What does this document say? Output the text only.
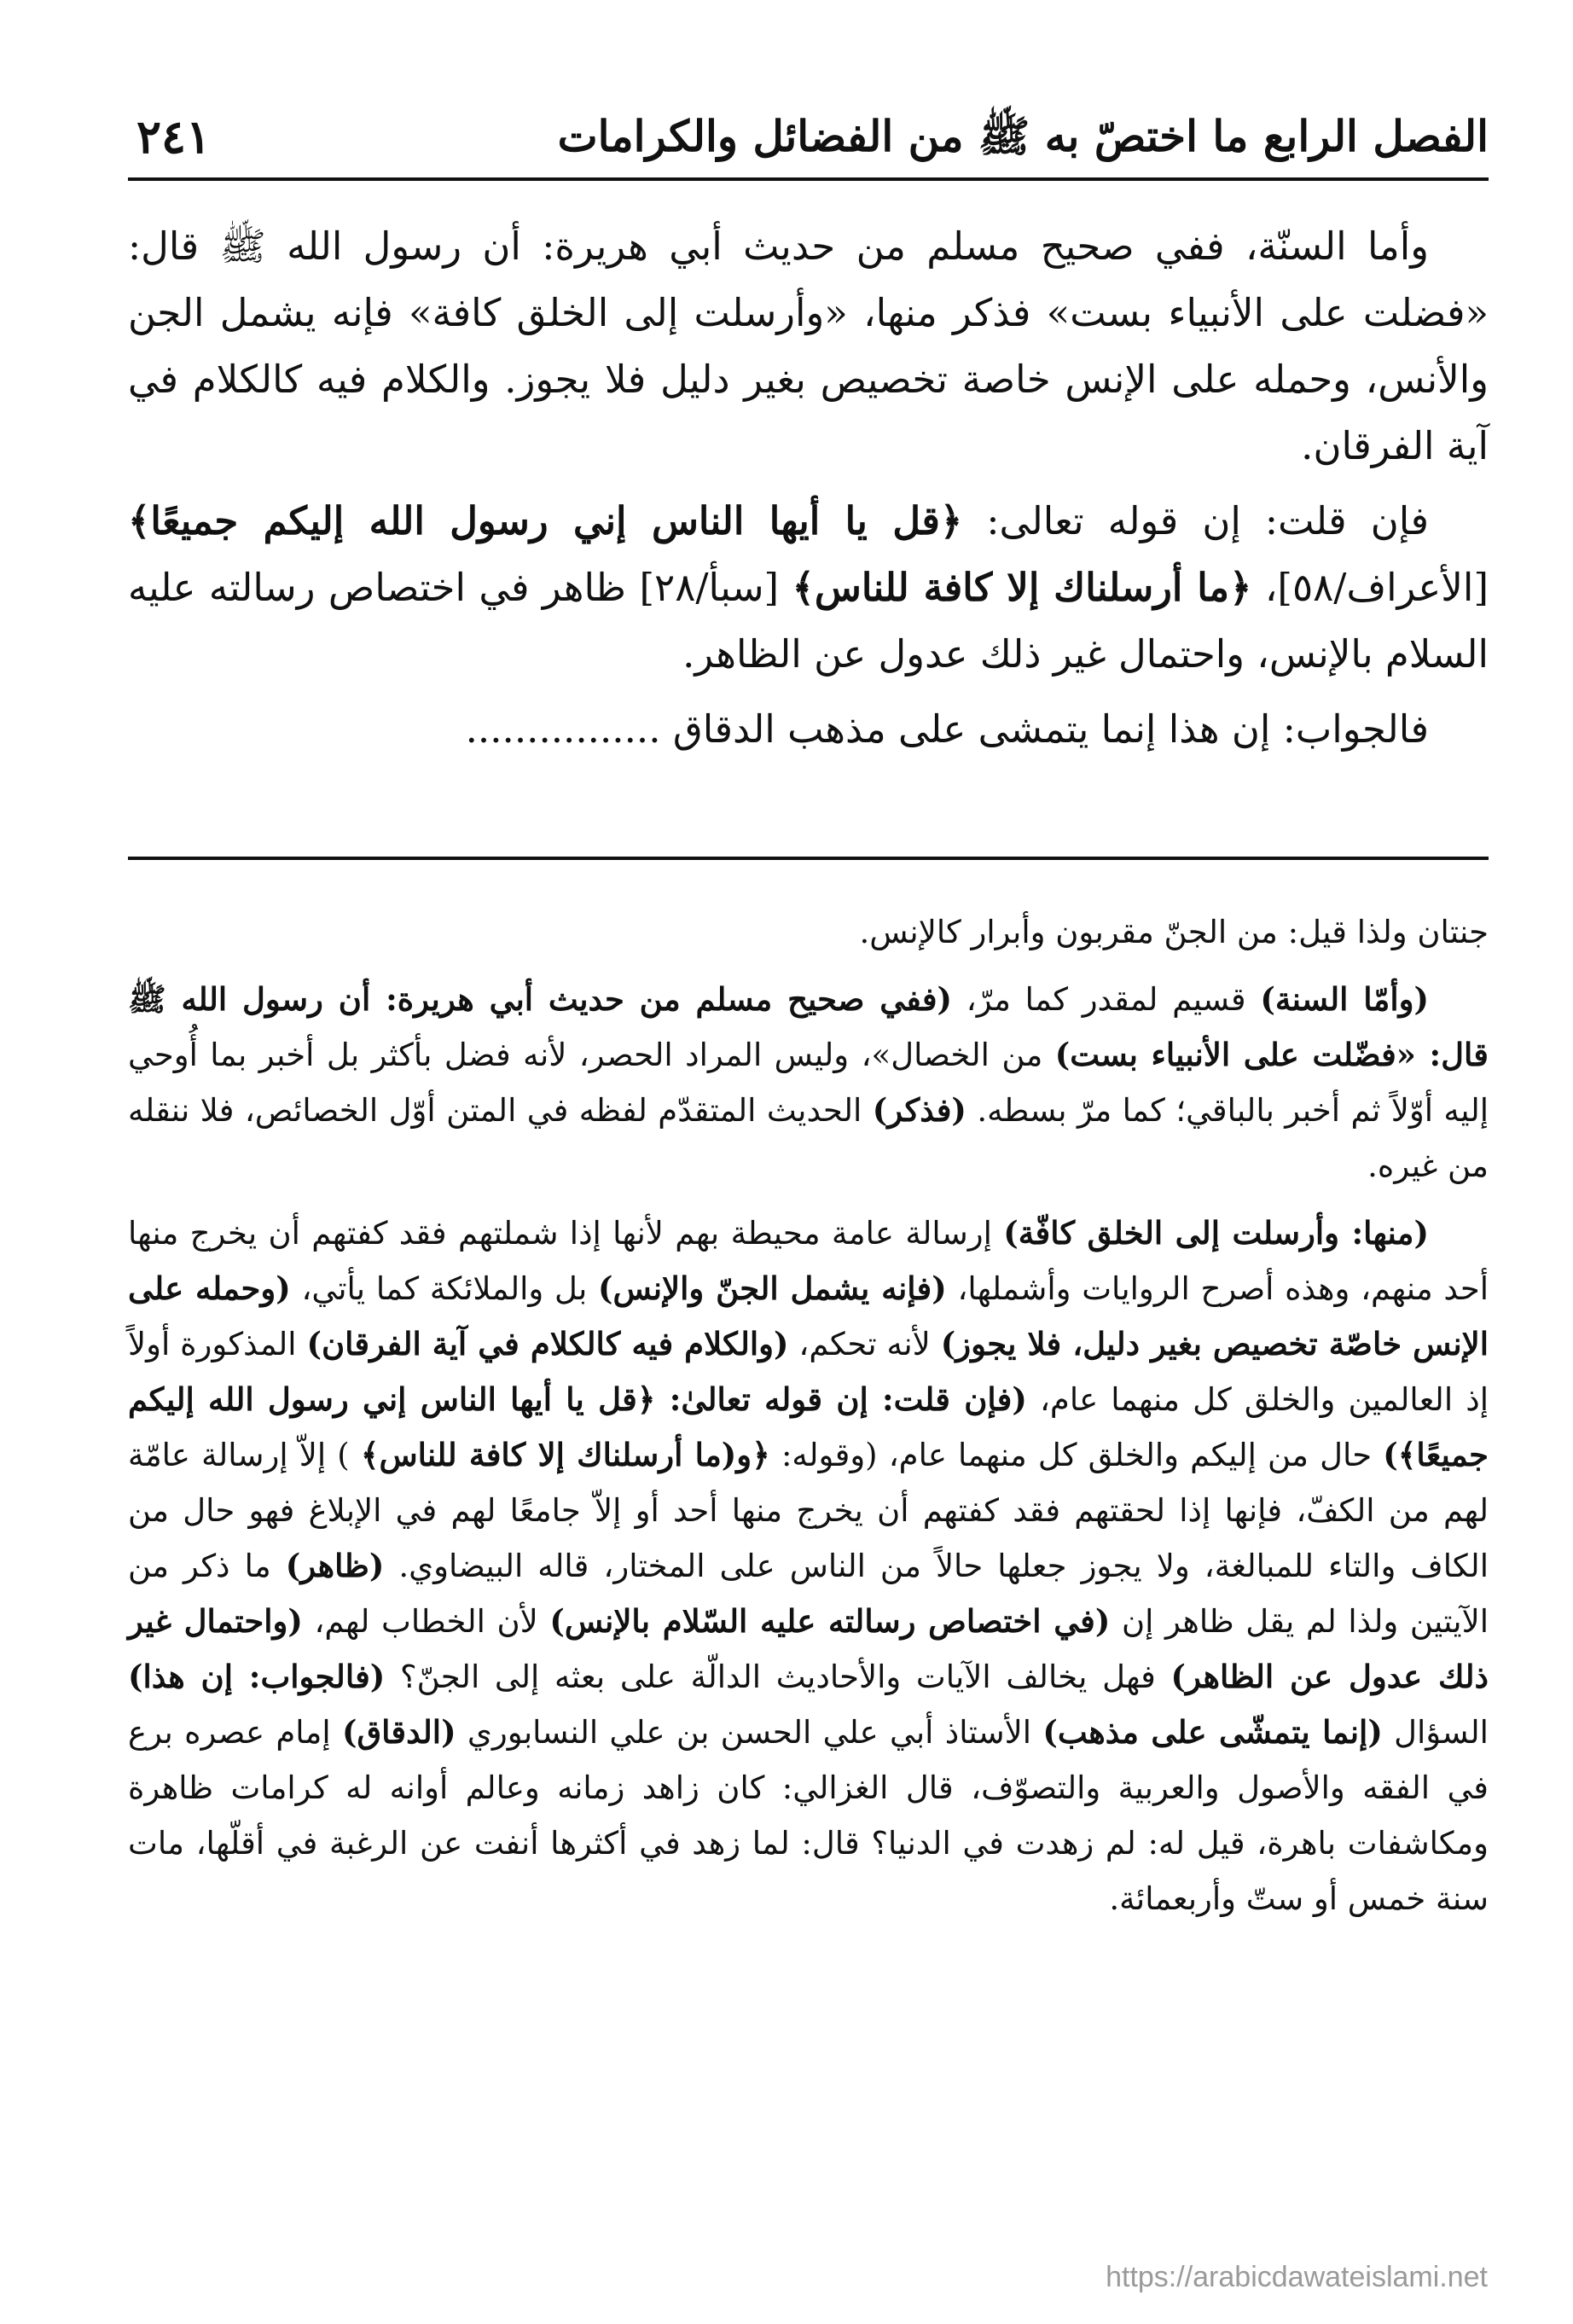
الفصل الرابع ما اختصّ به ﷺ من الفضائل والكرامات
٢٤١

وأما السنّة، ففي صحيح مسلم من حديث أبي هريرة: أن رسول الله ﷺ قال: «فضلت على الأنبياء بست» فذكر منها، «وأرسلت إلى الخلق كافة» فإنه يشمل الجن والأنس، وحمله على الإنس خاصة تخصيص بغير دليل فلا يجوز. والكلام فيه كالكلام في آية الفرقان.

فإن قلت: إن قوله تعالى: ﴿قل يا أيها الناس إني رسول الله إليكم جميعًا﴾ [الأعراف/٥٨]، ﴿ما أرسلناك إلا كافة للناس﴾ [سبأ/٢٨] ظاهر في اختصاص رسالته عليه السلام بالإنس، واحتمال غير ذلك عدول عن الظاهر.

فالجواب: إن هذا إنما يتمشى على مذهب الدقاق ................

جنتان ولذا قيل: من الجنّ مقربون وأبرار كالإنس.

(وأمّا السنة) قسيم لمقدر كما مرّ، (ففي صحيح مسلم من حديث أبي هريرة: أن رسول الله ﷺ قال: «فضّلت على الأنبياء بست) من الخصال»، وليس المراد الحصر، لأنه فضل بأكثر بل أخبر بما أُوحي إليه أوّلاً ثم أخبر بالباقي؛ كما مرّ بسطه. (فذكر) الحديث المتقدّم لفظه في المتن أوّل الخصائص، فلا ننقله من غيره.

(منها: وأرسلت إلى الخلق كافّة) إرسالة عامة محيطة بهم لأنها إذا شملتهم فقد كفتهم أن يخرج منها أحد منهم، وهذه أصرح الروايات وأشملها، (فإنه يشمل الجنّ والإنس) بل والملائكة كما يأتي، (وحمله على الإنس خاصّة تخصيص بغير دليل، فلا يجوز) لأنه تحكم، (والكلام فيه كالكلام في آية الفرقان) المذكورة أولاً إذ العالمين والخلق كل منهما عام، (فإن قلت: إن قوله تعالىٰ: ﴿قل يا أيها الناس إني رسول الله إليكم جميعًا﴾) حال من إليكم والخلق كل منهما عام، (وقوله: ﴿و(ما أرسلناك إلا كافة للناس﴾ ) إلاّ إرسالة عامّة لهم من الكفّ، فإنها إذا لحقتهم فقد كفتهم أن يخرج منها أحد أو إلاّ جامعًا لهم في الإبلاغ فهو حال من الكاف والتاء للمبالغة، ولا يجوز جعلها حالاً من الناس على المختار، قاله البيضاوي. (ظاهر) ما ذكر من الآيتين ولذا لم يقل ظاهر إن (في اختصاص رسالته عليه السّلام بالإنس) لأن الخطاب لهم، (واحتمال غير ذلك عدول عن الظاهر) فهل يخالف الآيات والأحاديث الدالّة على بعثه إلى الجنّ؟ (فالجواب: إن هذا) السؤال (إنما يتمشّى على مذهب) الأستاذ أبي علي الحسن بن علي النسابوري (الدقاق) إمام عصره برع في الفقه والأصول والعربية والتصوّف، قال الغزالي: كان زاهد زمانه وعالم أوانه له كرامات ظاهرة ومكاشفات باهرة، قيل له: لم زهدت في الدنيا؟ قال: لما زهد في أكثرها أنفت عن الرغبة في أقلّها، مات سنة خمس أو ستّ وأربعمائة.

https://arabicdawateislami.net
